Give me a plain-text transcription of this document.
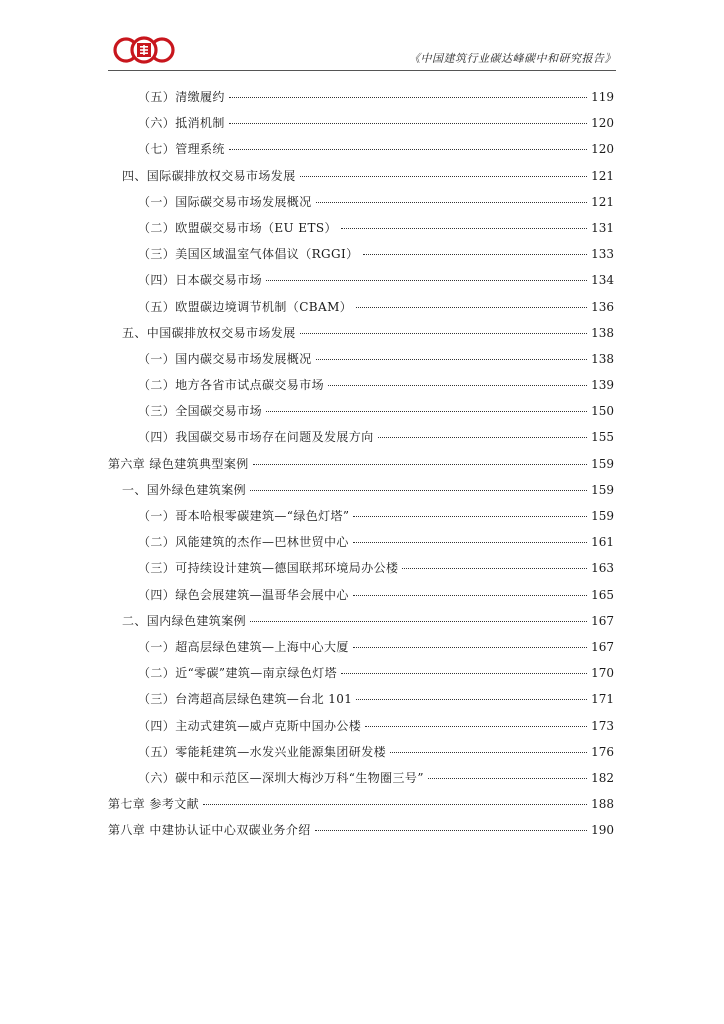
《中国建筑行业碳达峰碳中和研究报告》
（五）清缴履约	119
（六）抵消机制	120
（七）管理系统	120
四、国际碳排放权交易市场发展	121
（一）国际碳交易市场发展概况	121
（二）欧盟碳交易市场（EU ETS）	131
（三）美国区域温室气体倡议（RGGI）	133
（四）日本碳交易市场	134
（五）欧盟碳边境调节机制（CBAM）	136
五、中国碳排放权交易市场发展	138
（一）国内碳交易市场发展概况	138
（二）地方各省市试点碳交易市场	139
（三）全国碳交易市场	150
（四）我国碳交易市场存在问题及发展方向	155
第六章 绿色建筑典型案例	159
一、国外绿色建筑案例	159
（一）哥本哈根零碳建筑—“绿色灯塔”	159
（二）风能建筑的杰作—巴林世贸中心	161
（三）可持续设计建筑—德国联邦环境局办公楼	163
（四）绿色会展建筑—温哥华会展中心	165
二、国内绿色建筑案例	167
（一）超高层绿色建筑—上海中心大厦	167
（二）近“零碳”建筑—南京绿色灯塔	170
（三）台湾超高层绿色建筑—台北 101	171
（四）主动式建筑—威卢克斯中国办公楼	173
（五）零能耗建筑—水发兴业能源集团研发楼	176
（六）碳中和示范区—深圳大梅沙万科“生物圈三号”	182
第七章 参考文献	188
第八章 中建协认证中心双碳业务介绍	190
